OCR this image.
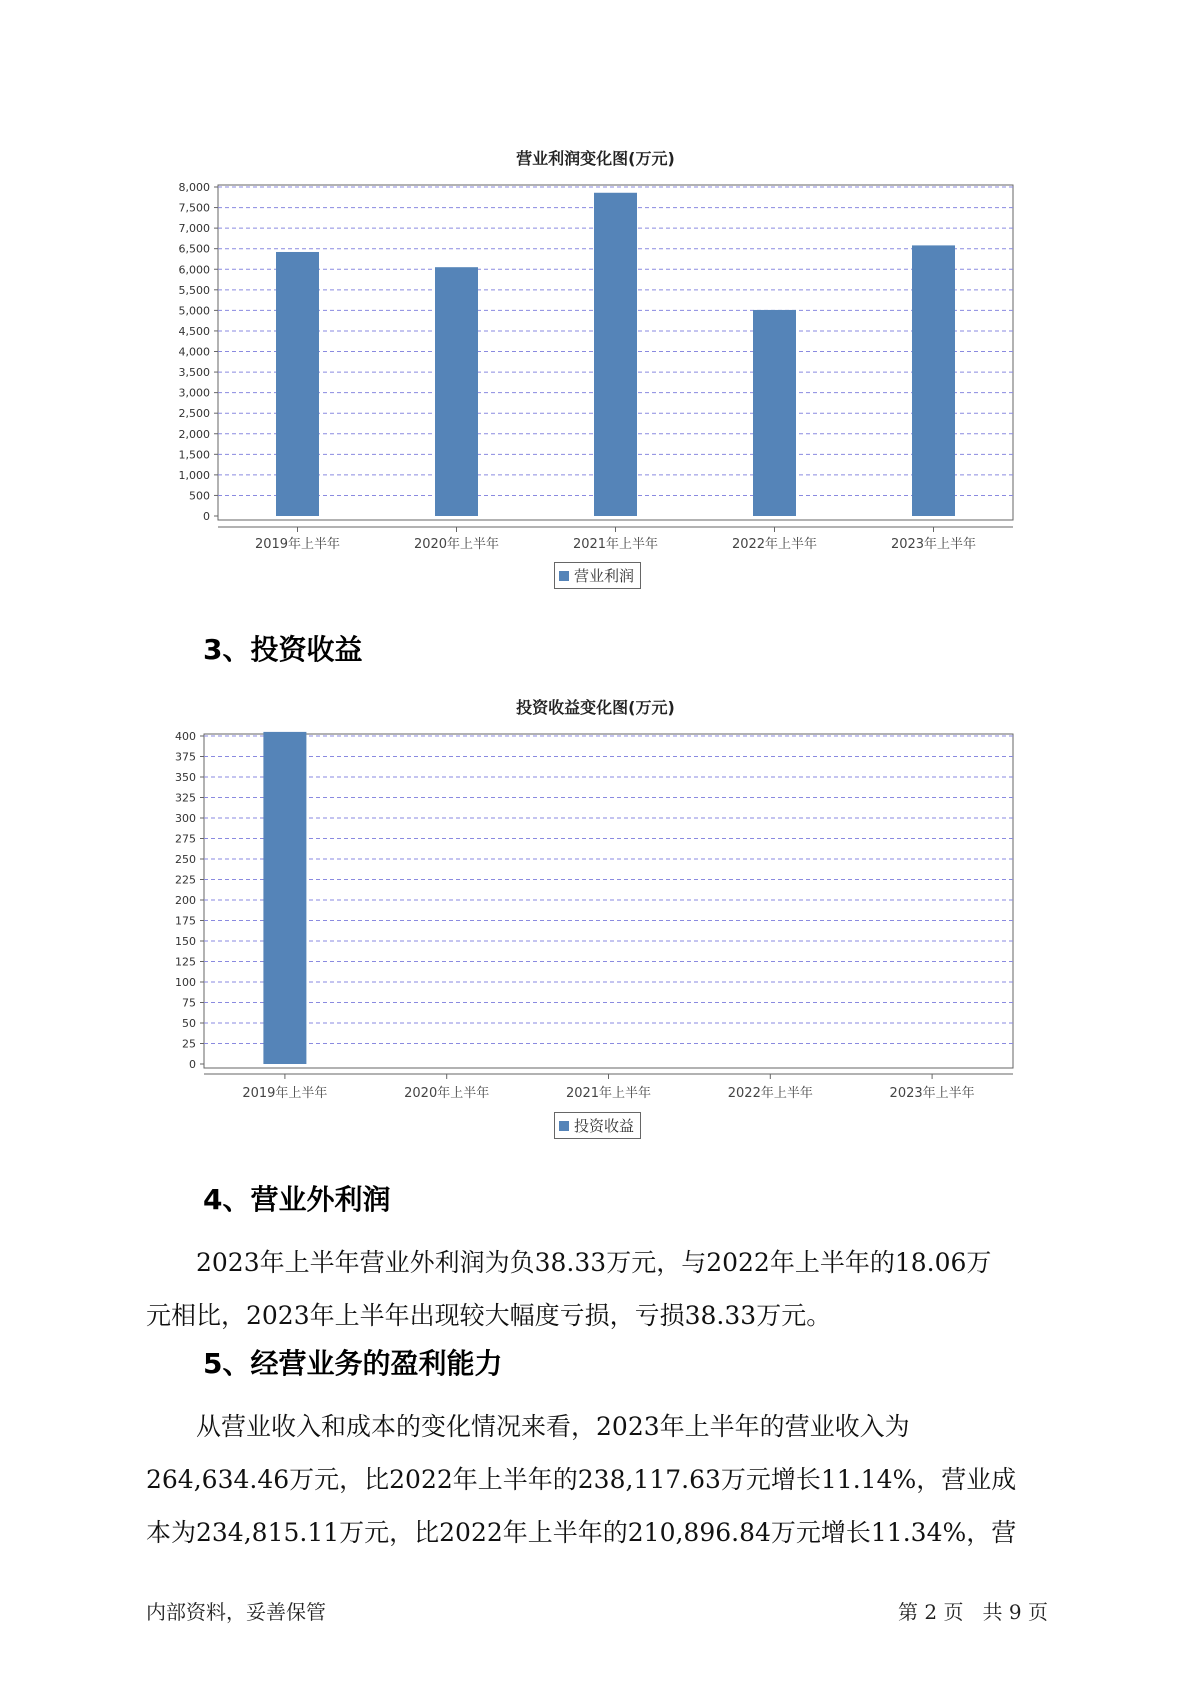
营业利润变化图(万元)
0
500
1,000
1,500
2,000
2,500
3,000
3,500
4,000
4,500
5,000
5,500
6,000
6,500
7,000
7,500
8,000
2019年上半年	2020年上半年	2021年上半年	2022年上半年	2023年上半年
营业利润
3、投资收益
投资收益变化图(万元)
0
25
50
75
100
125
150
175
200
225
250
275
300
325
350
375
400
2019年上半年	2020年上半年	2021年上半年	2022年上半年	2023年上半年
投资收益
4、营业外利润
2023年上半年营业外利润为负38.33万元，与2022年上半年的18.06万
元相比，2023年上半年出现较大幅度亏损，亏损38.33万元。
5、经营业务的盈利能力
从营业收入和成本的变化情况来看，2023年上半年的营业收入为
264,634.46万元，比2022年上半年的238,117.63万元增长11.14%，营业成
本为234,815.11万元，比2022年上半年的210,896.84万元增长11.34%，营
内部资料，妥善保管	第 2 页   共 9 页
